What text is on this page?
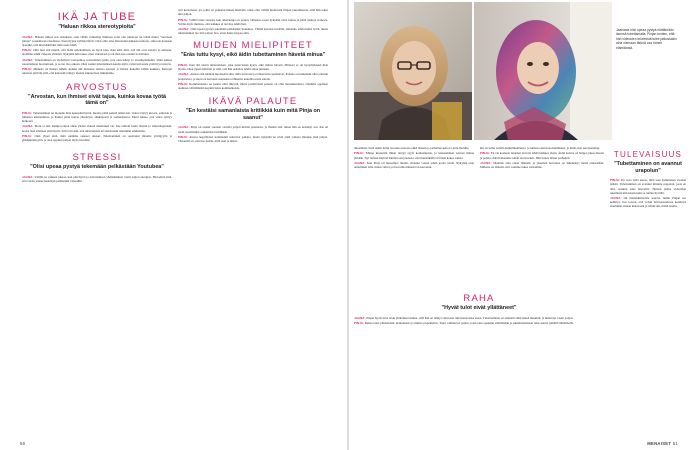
IKÄ JA TUBE
"Haluan rikkoa stereotypioita"

JAANA: Haluan rikkoa sen oletuksen, ettei vähän vanhempi ihminen voisi olla tubettaja tai tehdä mutta "nuorison juttuja" sosiaalisessa mediassa. Stereotypiat kyllästyttävät. Olen ollut aina innostunut kaikesta uudesta, enkä ole koskaan ajatellut, että ikä määrittäisi mitä saan tehdä.

PINJA: Olin heti sitä mieltä, että äidin tubettaminen on hyvä idea. Kun kävi ilmi, että äiti osaa kuvata ja editoida, aloimme tehdä videoita yhdessä. Nykyään hän tekee omia videoitaan ja on ihan itse ottanut ne haltuun.

JAANA: Tubettaminen on täydellistä vastapainoa sosiaalialan työlle, jota olen tehnyt jo vuosikymmeniä. Siinä pääsee toteuttamaan luovuuttaan, ja se tuo iloa arkeen. Olen saanut tubettamisen kautta myös valtavasti uusia ystäviä ja tuttavia.

PINJA: Minusta on ihanaa nähdä, kuinka äiti innostuu uusista asioista ja haluaa kokeilla vähän kaikkea. Katsojat tuntuvat pitävän siitä, että kanavalla näkyy monen sukupolven näkökulma.

ARVOSTUS
"Arvostan, kun ihmiset eivät tajua, kuinka kovaa työtä tämä on"

PINJA: Tubettaminen on monelle ihan kokopäivätyötä. Ideoita pitää keksiä jatkuvasti, videot täytyy kuvata, editoida ja julkaista aikataulussa, ja lisäksi pitää hoitaa yhteistyöt, sähköpostit ja somekanavat. Moni luulee, että video syntyy hetkessä.

JAANA: Moni ei näe, kuinka paljon aikaa yhden videon tekeminen vie. Itse editoin usein iltaisin ja viikonloppuisin, koska teen edelleen päivätyötä. Silti toivoisin, että tubettamista arvostettaisiin enemmän ammattina.

PINJA: Olen ylpeä siitä, mitä olemme saaneet aikaan. Tubettaminen on opettanut minulle yrittäjyyttä ja pitkäjänteisyyttä, ja olen oppinut paljon myös itsestäni.

STRESSI
"Olisi upeaa pystyä tekemään pelkästään Youtubea"

JAANA: Välillä on vaikeaa jaksaa, kun päivätyön ja tubettamisen yhdistäminen vaatii paljon energiaa. Haaveilen siitä, että voisin joskus keskittyä pelkästään videoihin.

työt kertomaan, jos jokin on painanut hänen mieltään. Olen ollut välillä huolissani Pinjan jaksamisesta, sillä hän tekee niin paljon.

PINJA: Välillä tulee stressiä, kun aikatauluja on paljon. Onneksi osaan nykyään ottaa lomaa ja pitää taukoja somesta. Yritän myös muistaa, että kaikkea ei tarvitse tehdä heti.

JAANA: Olisi upeaa pystyä tekemään pelkästään Youtubea. Välillä kyselen itseltäni, jaksanko tehdä kahta työtä, mutta tubettaminen tuo niin paljon iloa, etten halua luopua siitä.

MUIDEN MIELIPITEET
"Eräs tuttu kysyi, eikö äidin tubettaminen hävetä minua"

PINJA: Kun äiti aloitti tubettamisen, joku tuttavistani kysyi, eikö minua hävetä. Minusta se oli kysymyksenä ihan älytön. Olen ylpeä äidistäni ja siitä, että hän uskaltaa tehdä omaa juttuaan.

JAANA: Alussa olin hieman huolissani siitä, mitä tuttavani ja työkaverini ajattelevat. Palaute on kuitenkin ollut pääosin positiivista, ja moni on kertonut saaneensa rohkeutta kokeilla uusia asioita.

PINJA: Kommenteissa on joskus ollut ilkeyttä, mutta positiivinen palaute on ollut moninkertaista. Olemme oppineet olemaan välittämättä negatiivisista kommenteista.

IKÄVÄ PALAUTE
"En kestäisi samanlaista kritiikkiä kuin mitä Pinja on saanut"

JAANA: Pinja on saanut vuosien varrella paljon ikävää palautetta, ja ihailen sitä, miten hän on kestänyt sen. Itse en tiedä, kestäisinkö samanlaista kritiikkiä.

PINJA: Alussa negatiiviset kommentit tuntuivat pahalta, mutta nykyään ne eivät enää vaikuta minuun yhtä paljon. Tärkeintä on, että itse tiedän, mitä teen ja miksi.

58
Jaanasta olisi upeaa pystyä elättämään itsensä tubettamalla. Pinjan tuntien, että hän videoiden tekemistä tulee jatkossakin aina olemaan tärkeä osa hänen elämäänsä.

ulkonäköä. Siitä onkin tullut vuosien saatossa ehkä tärkein ja parhaiten kertova juttu monille.

PINJA: Minua kiusattiin ilman tiettyä syytä kouluaikoina, ja kiusaaminen seurasi minua pitkään. Nyt haluan käyttää ääntäni sen puolesta, ettei kenenkään tarvitsisi kokea samaa.

JAANA: Kun Pinja oli nuorempi, mietin, olisinko voinut tehdä jotain toisin. Nykyään olen onnellinen siitä, miten vahva ja itsevarma hänestä on kasvanut.

RAHA
"Hyvät tulot eivät yllättäneet"

JAANA: Pinjan hyvät tulot eivät yllättäneet minua, sillä hän on tehnyt valtavasti töitä kanavansa eteen. Tubettaminen on ammatti siinä missä muutkin, ja menestys vaatii paljon.

PINJA: Rahaa tulee yhteistöistä, mainoksista ja muista projekteista. Tulot vaihtelevat paljon, joten olen opetellut säästämään ja suunnittelemaan raha-asioita pitkällä tähtäimellä.

kin on tullut todella henkilökohtaista, ja tunnen oloni kotoisemmaksi, ja minä olen sen pienempi.

PINJA: En ole koskaan tuntenut tarvetta tehdä kaikkea yksin. Äidin kanssa on helppo jakaa ideoita ja pohtia, mitä haluamme tehdä seuraavaksi. Hän tuntee minut parhaiten.

JAANA: Olemme aina olleet läheisiä, ja yhteinen harrastus on lähentänyt meitä entisestään. Minusta on tärkeää, että voimme tukea toisiamme.

TULEVAISUUS
"Tubettaminen on avannut urapolun"

PINJA: En osaa vielä sanoa, mitä teen kymmenen vuoden päästä. Tubettaminen on avannut minulle urapolun, josta en olisi osannut edes haaveilla. Haluan jatkaa videoiden tekemistä niin kauan kuin se tuntuu hyvältä.

JAANA: On mielenkiintoista seurata, mihin Pinjan ura kehittyy. Itse toivon, että voisin tulevaisuudessa keskittyä enemmän omaan kanavaani ja tehdä sitä, mistä nautin.

MENAISET 51
